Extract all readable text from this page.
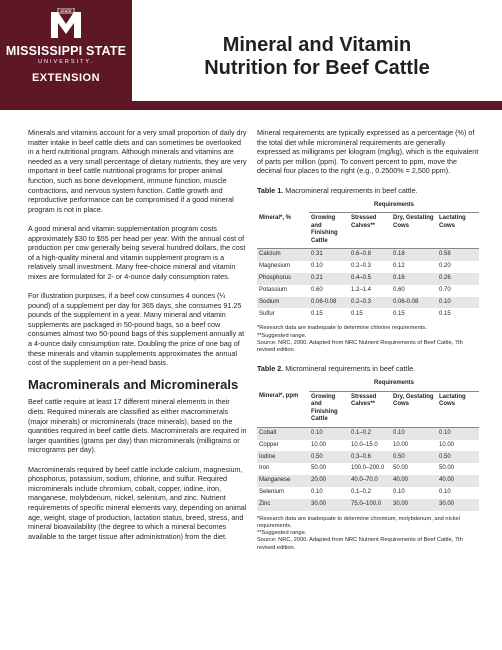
STATE
MISSISSIPPI STATE
UNIVERSITY.
EXTENSION
Mineral and Vitamin
Nutrition for Beef Cattle

Minerals and vitamins account for a very small proportion of daily dry matter intake in beef cattle diets and can sometimes be overlooked in a herd nutritional program. Although minerals and vitamins are needed as a very small percentage of dietary nutrients, they are very important in beef cattle nutritional programs for proper animal function, such as bone development, immune function, muscle contractions, and nervous system function. Cattle growth and reproductive performance can be compromised if a good mineral program is not in place.

A good mineral and vitamin supplementation program costs approximately $30 to $55 per head per year. With the annual cost of production per cow generally being several hundred dollars, the cost of a high-quality mineral and vitamin supplement program is a relatively small investment. Many free-choice mineral and vitamin mixes are formulated for 2- or 4-ounce daily consumption rates.

For illustration purposes, if a beef cow consumes 4 ounces (¼ pound) of a supplement per day for 365 days, she consumes 91.25 pounds of the supplement in a year. Many mineral and vitamin supplements are packaged in 50-pound bags, so a beef cow consumes almost two 50-pound bags of this supplement annually at a 4-ounce daily consumption rate. Doubling the price of one bag of these minerals and vitamin supplements approximates the annual cost of the supplement on a per-head basis.

Macrominerals and Microminerals

Beef cattle require at least 17 different mineral elements in their diets. Required minerals are classified as either macrominerals (major minerals) or microminerals (trace minerals), based on the quantities required in beef cattle diets. Macrominerals are required in larger quantities (grams per day) than microminerals (milligrams or micrograms per day).

Macrominerals required by beef cattle include calcium, magnesium, phosphorus, potassium, sodium, chlorine, and sulfur. Required microminerals include chromium, cobalt, copper, iodine, iron, manganese, molybdenum, nickel, selenium, and zinc. Nutrient requirements of specific mineral elements vary, depending on animal age, weight, stage of production, lactation status, breed, stress, and mineral bioavailability (the degree to which a mineral becomes available to the target tissue after administration) from the diet.

Mineral requirements are typically expressed as a percentage (%) of the total diet while micromineral requirements are generally expressed as milligrams per kilogram (mg/kg), which is the equivalent of parts per million (ppm). To convert percent to ppm, move the decimal four places to the right (e.g., 0.2500% = 2,500 ppm).

Table 1. Macromineral requirements in beef cattle.
	Requirements			
Mineral*, %	Growing and Finishing Cattle	Stressed Calves**	Dry, Gestating Cows	Lactating Cows
Calcium	0.31	0.6–0.8	0.18	0.58
Magnesium	0.10	0.2–0.3	0.12	0.20
Phosphorus	0.21	0.4–0.5	0.16	0.26
Potassium	0.60	1.2–1.4	0.60	0.70
Sodium	0.06-0.08	0.2–0.3	0.06-0.08	0.10
Sulfur	0.15	0.15	0.15	0.15
*Research data are inadequate to determine chlorine requirements.
**Suggested range.
Source: NRC, 2000. Adapted from NRC Nutrient Requirements of Beef Cattle, 7th revised edition.
Table 2. Micromineral requirements in beef cattle.
	Requirements			
Mineral*, ppm	Growing and Finishing Cattle	Stressed Calves**	Dry, Gestating Cows	Lactating Cows
Cobalt	0.10	0.1–0.2	0.10	0.10
Copper	10.00	10.0–15.0	10.00	10.00
Iodine	0.50	0.3–0.6	0.50	0.50
Iron	50.00	100.0–200.0	50.00	50.00
Manganese	20.00	40.0–70.0	40.00	40.00
Selenium	0.10	0.1–0.2	0.10	0.10
Zinc	30.00	75.0–100.0	30.00	30.00
*Research data are inadequate to determine chromium, molybdenum, and nickel requirements.
**Suggested range.
Source: NRC, 2000. Adapted from NRC Nutrient Requirements of Beef Cattle, 7th revised edition.
